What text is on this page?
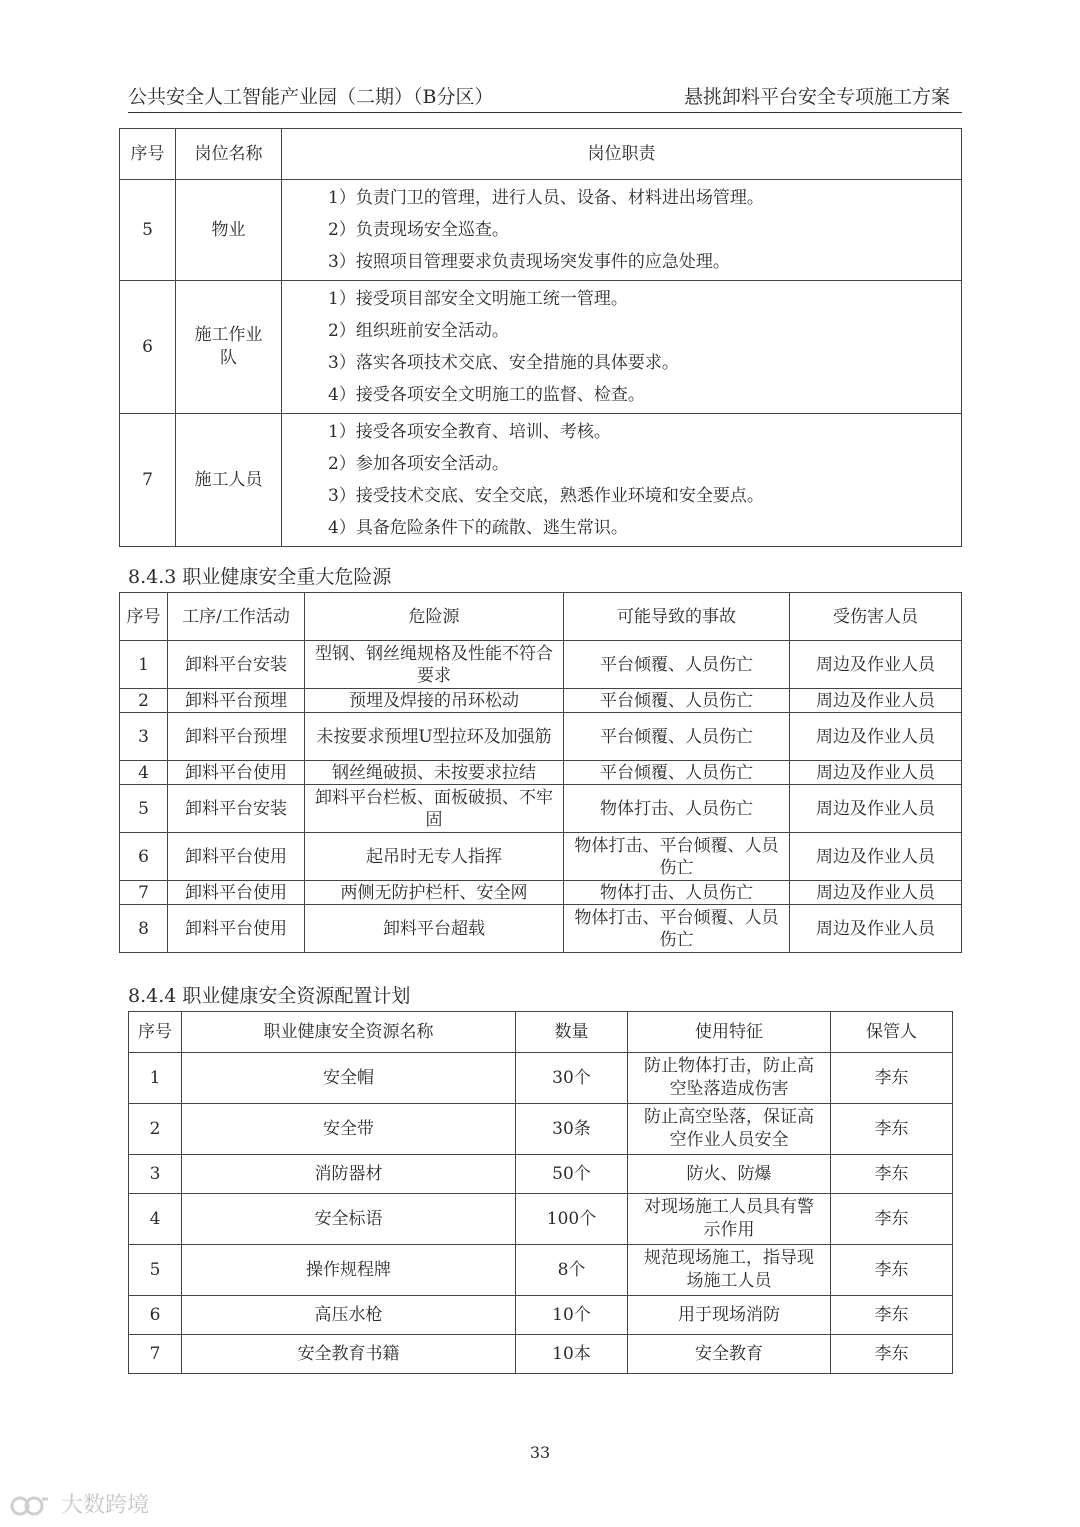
公共安全人工智能产业园（二期）（B分区）	悬挑卸料平台安全专项施工方案
序号	岗位名称	岗位职责
5	物业	1）负责门卫的管理，进行人员、设备、材料进出场管理。
2）负责现场安全巡查。
3）按照项目管理要求负责现场突发事件的应急处理。

6	施工作业队	1）接受项目部安全文明施工统一管理。
2）组织班前安全活动。
3）落实各项技术交底、安全措施的具体要求。
4）接受各项安全文明施工的监督、检查。

7	施工人员	1）接受各项安全教育、培训、考核。
2）参加各项安全活动。
3）接受技术交底、安全交底，熟悉作业环境和安全要点。
4）具备危险条件下的疏散、逃生常识。
8.4.3 职业健康安全重大危险源
序号	工序/工作活动	危险源	可能导致的事故	受伤害人员
1	卸料平台安装	型钢、钢丝绳规格及性能不符合要求	平台倾覆、人员伤亡	周边及作业人员
2	卸料平台预埋	预埋及焊接的吊环松动	平台倾覆、人员伤亡	周边及作业人员
3	卸料平台预埋	未按要求预埋U型拉环及加强筋	平台倾覆、人员伤亡	周边及作业人员
4	卸料平台使用	钢丝绳破损、未按要求拉结	平台倾覆、人员伤亡	周边及作业人员
5	卸料平台安装	卸料平台栏板、面板破损、不牢固	物体打击、人员伤亡	周边及作业人员
6	卸料平台使用	起吊时无专人指挥	物体打击、平台倾覆、人员伤亡	周边及作业人员
7	卸料平台使用	两侧无防护栏杆、安全网	物体打击、人员伤亡	周边及作业人员
8	卸料平台使用	卸料平台超载	物体打击、平台倾覆、人员伤亡	周边及作业人员
8.4.4 职业健康安全资源配置计划
序号	职业健康安全资源名称	数量	使用特征	保管人
1	安全帽	30个	防止物体打击，防止高空坠落造成伤害	李东
2	安全带	30条	防止高空坠落，保证高空作业人员安全	李东
3	消防器材	50个	防火、防爆	李东
4	安全标语	100个	对现场施工人员具有警示作用	李东
5	操作规程牌	8个	规范现场施工，指导现场施工人员	李东
6	高压水枪	10个	用于现场消防	李东
7	安全教育书籍	10本	安全教育	李东
33
大数跨境
